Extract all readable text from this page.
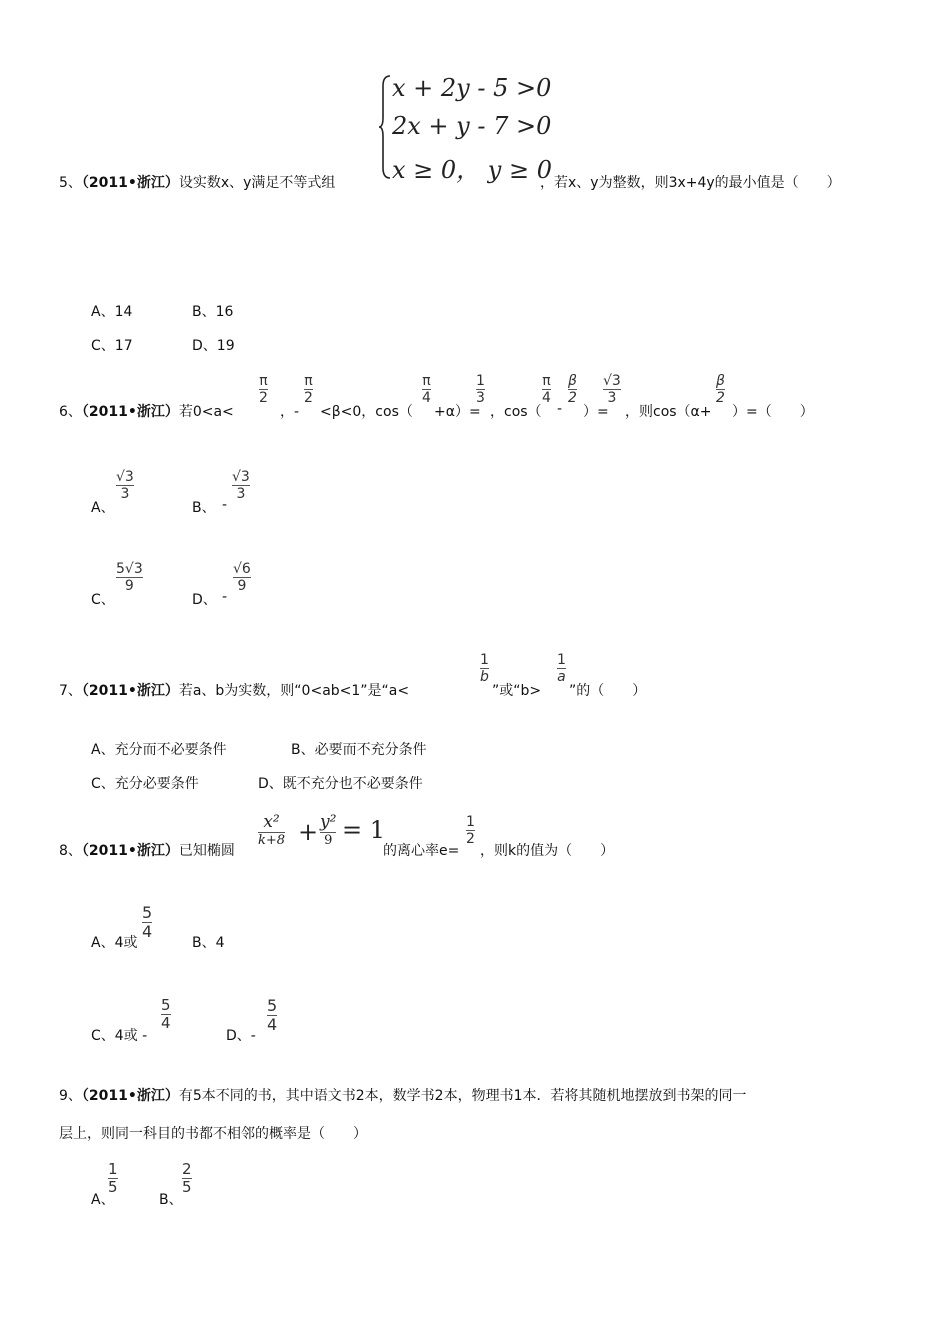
x + 2y - 5 >0
2x + y - 7 >0
x ≥ 0， y ≥ 0
5、（2011•浙江）设实数x、y满足不等式组	，若x、y为整数，则3x+4y的最小值是（　　）
A、14	B、16
C、17	D、19
6、（2011•浙江）若0<a<
π
2
，-
π
2
<β<0，cos（
π
4
+α）=
1
3
，cos（
π
4
-
β
2
）=
√3
3
，则cos（α+
β
2
）=（　　）
A、
√3
3
B、 -
√3
3
C、
5√3
9
D、 -
√6
9
7、（2011•浙江）若a、b为实数，则“0<ab<1”是“a<
1
b
”或“b>
1
a
”的（　　）
A、充分而不必要条件	B、必要而不充分条件
C、充分必要条件	D、既不充分也不必要条件
8、（2011•浙江）已知椭圆
x²
k+8 + y²
9 = 1
的离心率e=
1
2
，则k的值为（　　）
A、4或
5
4
B、4
C、4或 -
5
4
D、-
5
4
9、（2011•浙江）有5本不同的书，其中语文书2本，数学书2本，物理书1本．若将其随机地摆放到书架的同一
层上，则同一科目的书都不相邻的概率是（　　）
A、
1
5
B、
2
5
